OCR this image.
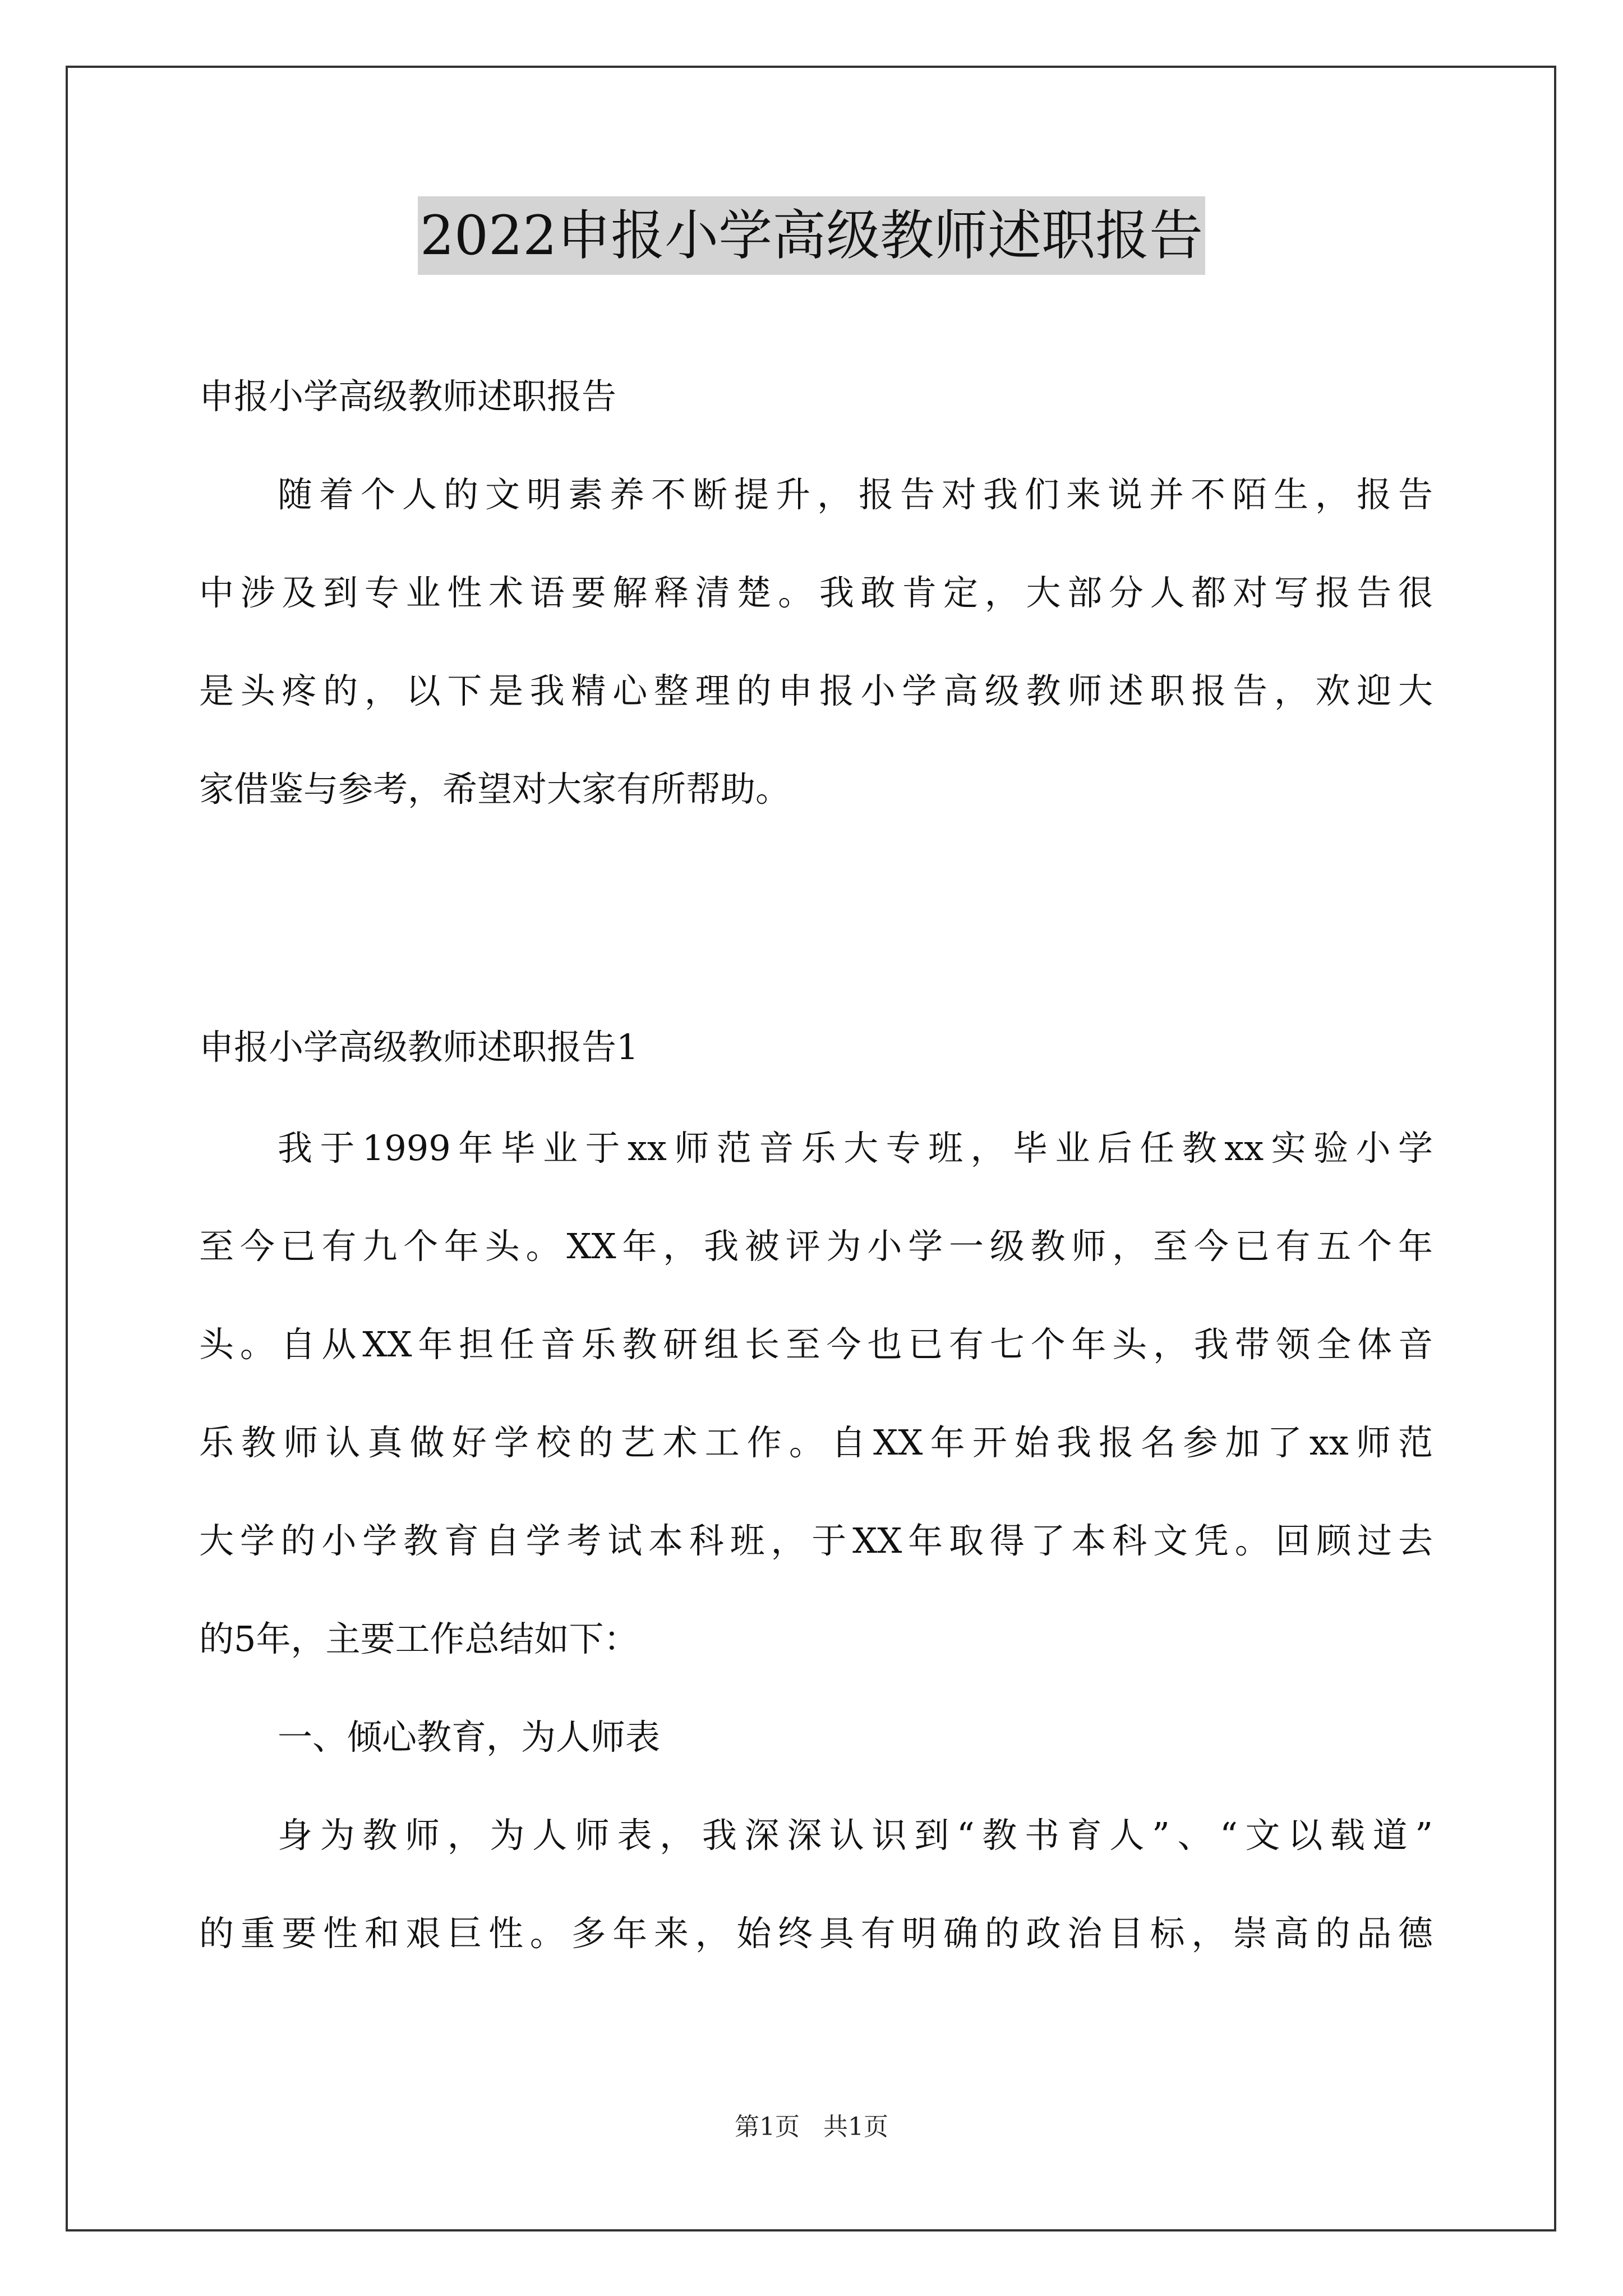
2022申报小学高级教师述职报告
申报小学高级教师述职报告
随着个人的文明素养不断提升，报告对我们来说并不陌生，报告
中涉及到专业性术语要解释清楚。我敢肯定，大部分人都对写报告很
是头疼的，以下是我精心整理的申报小学高级教师述职报告，欢迎大
家借鉴与参考，希望对大家有所帮助。
申报小学高级教师述职报告1
我于1999年毕业于xx师范音乐大专班，毕业后任教xx实验小学
至今已有九个年头。XX年，我被评为小学一级教师，至今已有五个年
头。自从XX年担任音乐教研组长至今也已有七个年头，我带领全体音
乐教师认真做好学校的艺术工作。自XX年开始我报名参加了xx师范
大学的小学教育自学考试本科班，于XX年取得了本科文凭。回顾过去
的5年，主要工作总结如下：
一、倾心教育，为人师表
身为教师，为人师表，我深深认识到“教书育人”、“文以载道”
的重要性和艰巨性。多年来，始终具有明确的政治目标，崇高的品德
第1页   共1页
